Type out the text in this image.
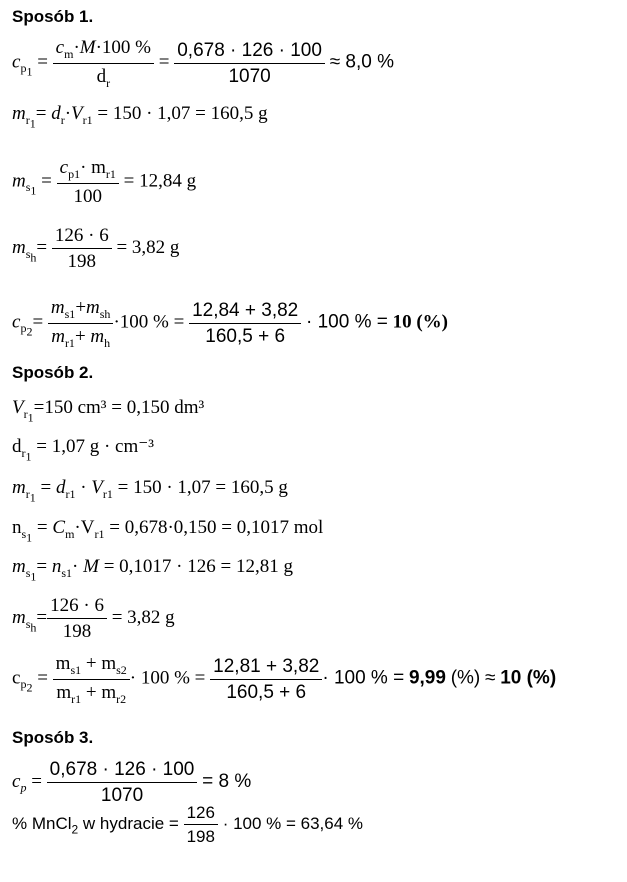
Sposób 1.
$c_{p_1} = \frac{c_m\cdot M\cdot 100 \%}{d_r} = \frac{0,678 \cdot 126 \cdot 100}{1070} \approx 8,0$ %
$m_{r_1}= d_r\cdot V_{r1} = 150 \cdot 1,07 = 160,5$ g
$m_{s_1} = \frac{c_{p1}\cdot m_{r1}}{100} = 12,84$ g
$m_{s_h}= \frac{126 \cdot 6}{198} = 3,82$ g
$c_{p_2}= \frac{m_{s1}+m_{sh}}{m_{r1}+ m_h} \cdot 100$ % = $\frac{12,84 + 3,82}{160,5 + 6} \cdot 100$ % = 10 (%)
Sposób 2.
$V_{r_1}=150$ cm³ = 0,150 dm³
$d_{r_1} = 1,07$ g · cm⁻³
$m_{r_1} = d_{r1} \cdot V_{r1} = 150 \cdot 1,07 = 160,5$ g
$n_{s_1} = C_m\cdot V_{r1} = 0,678\cdot 0,150 = 0,1017$ mol
$m_{s_1}= n_{s1}\cdot M = 0,1017 \cdot 126 = 12,81$ g
$m_{s_h}= \frac{126 \cdot 6}{198} = 3,82$ g
$c_{p_2} = \frac{m_{s1} + m_{s2}}{m_{r1} + m_{r2}} \cdot 100$ % = $\frac{12,81 + 3,82}{160,5 + 6} \cdot 100$ % = 9,99 (%) ≈ 10 (%)
Sposób 3.
$c_p = \frac{0,678 \cdot 126 \cdot 100}{1070} = 8$ %
% MnCl$_2$ w hydracie = $\frac{126}{198} \cdot 100$ % = 63,64 %
